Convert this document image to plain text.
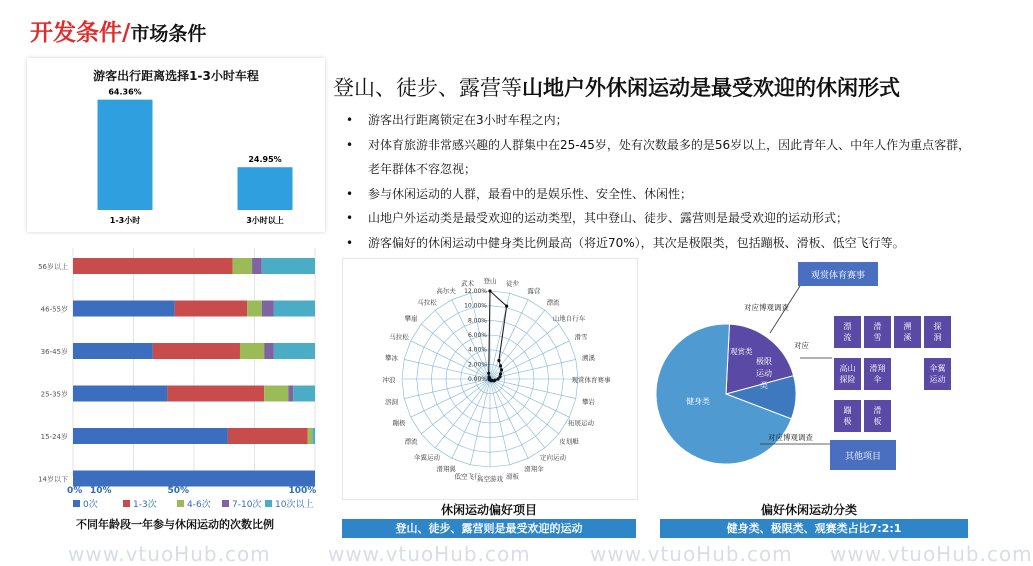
开发条件/市场条件
游客出行距离选择1-3小时车程
64.36%
1-3小时
24.95%
3小时以上
56岁以上
46-55岁
36-45岁
25-35岁
15-24岁
14岁以下
0% 10%	50%	100%
0次	1-3次	4-6次 7-10次 10次以上
不同年龄段一年参与休闲运动的次数比例
登山、徒步、露营等山地户外休闲运动是最受欢迎的休闲形式
• 游客出行距离锁定在3小时车程之内；
• 对体育旅游非常感兴趣的人群集中在25-45岁，处有次数最多的是56岁以上，因此青年人、中年人作为重点客群，老年群体不容忽视；
• 参与休闲运动的人群，最看中的是娱乐性、安全性、休闲性；
• 山地户外运动类是最受欢迎的运动类型，其中登山、徒步、露营则是最受欢迎的运动形式；
• 游客偏好的休闲运动中健身类比例最高（将近70%），其次是极限类，包括蹦极、滑板、低空飞行等。
登山 徒步
露营
漂流
山地自行车
滑雪
溯溪
观赏体育赛事
攀岩
拓展运动
皮划艇
定向运动
滑翔伞
滑板
高空游戏
低空飞行
滑翔翼
伞翼运动
漂流
蹦极
溶洞
冲浪
攀冰
马拉松
攀崖
马拉松
高尔夫
武术
0.00%
2.00%
4.00%
6.00%
8.00%
10.00%
12.00%
休闲运动偏好项目
登山、徒步、露营则是最受欢迎的运动
健身类
极限
运动
类
观赏类
观赏体育赛事
对应博观调查
对应
漂
流
滑
雪
溯
溪
探
洞
高山
探险
滑翔
伞
伞翼
运动
蹦
极
滑
板
对应博观调查
其他项目
偏好休闲运动分类
健身类、极限类、观赛类占比7:2:1
www.vtuoHub.com	www.vtuoHub.com	www.vtuoHub.com www.vtuoHub.com
